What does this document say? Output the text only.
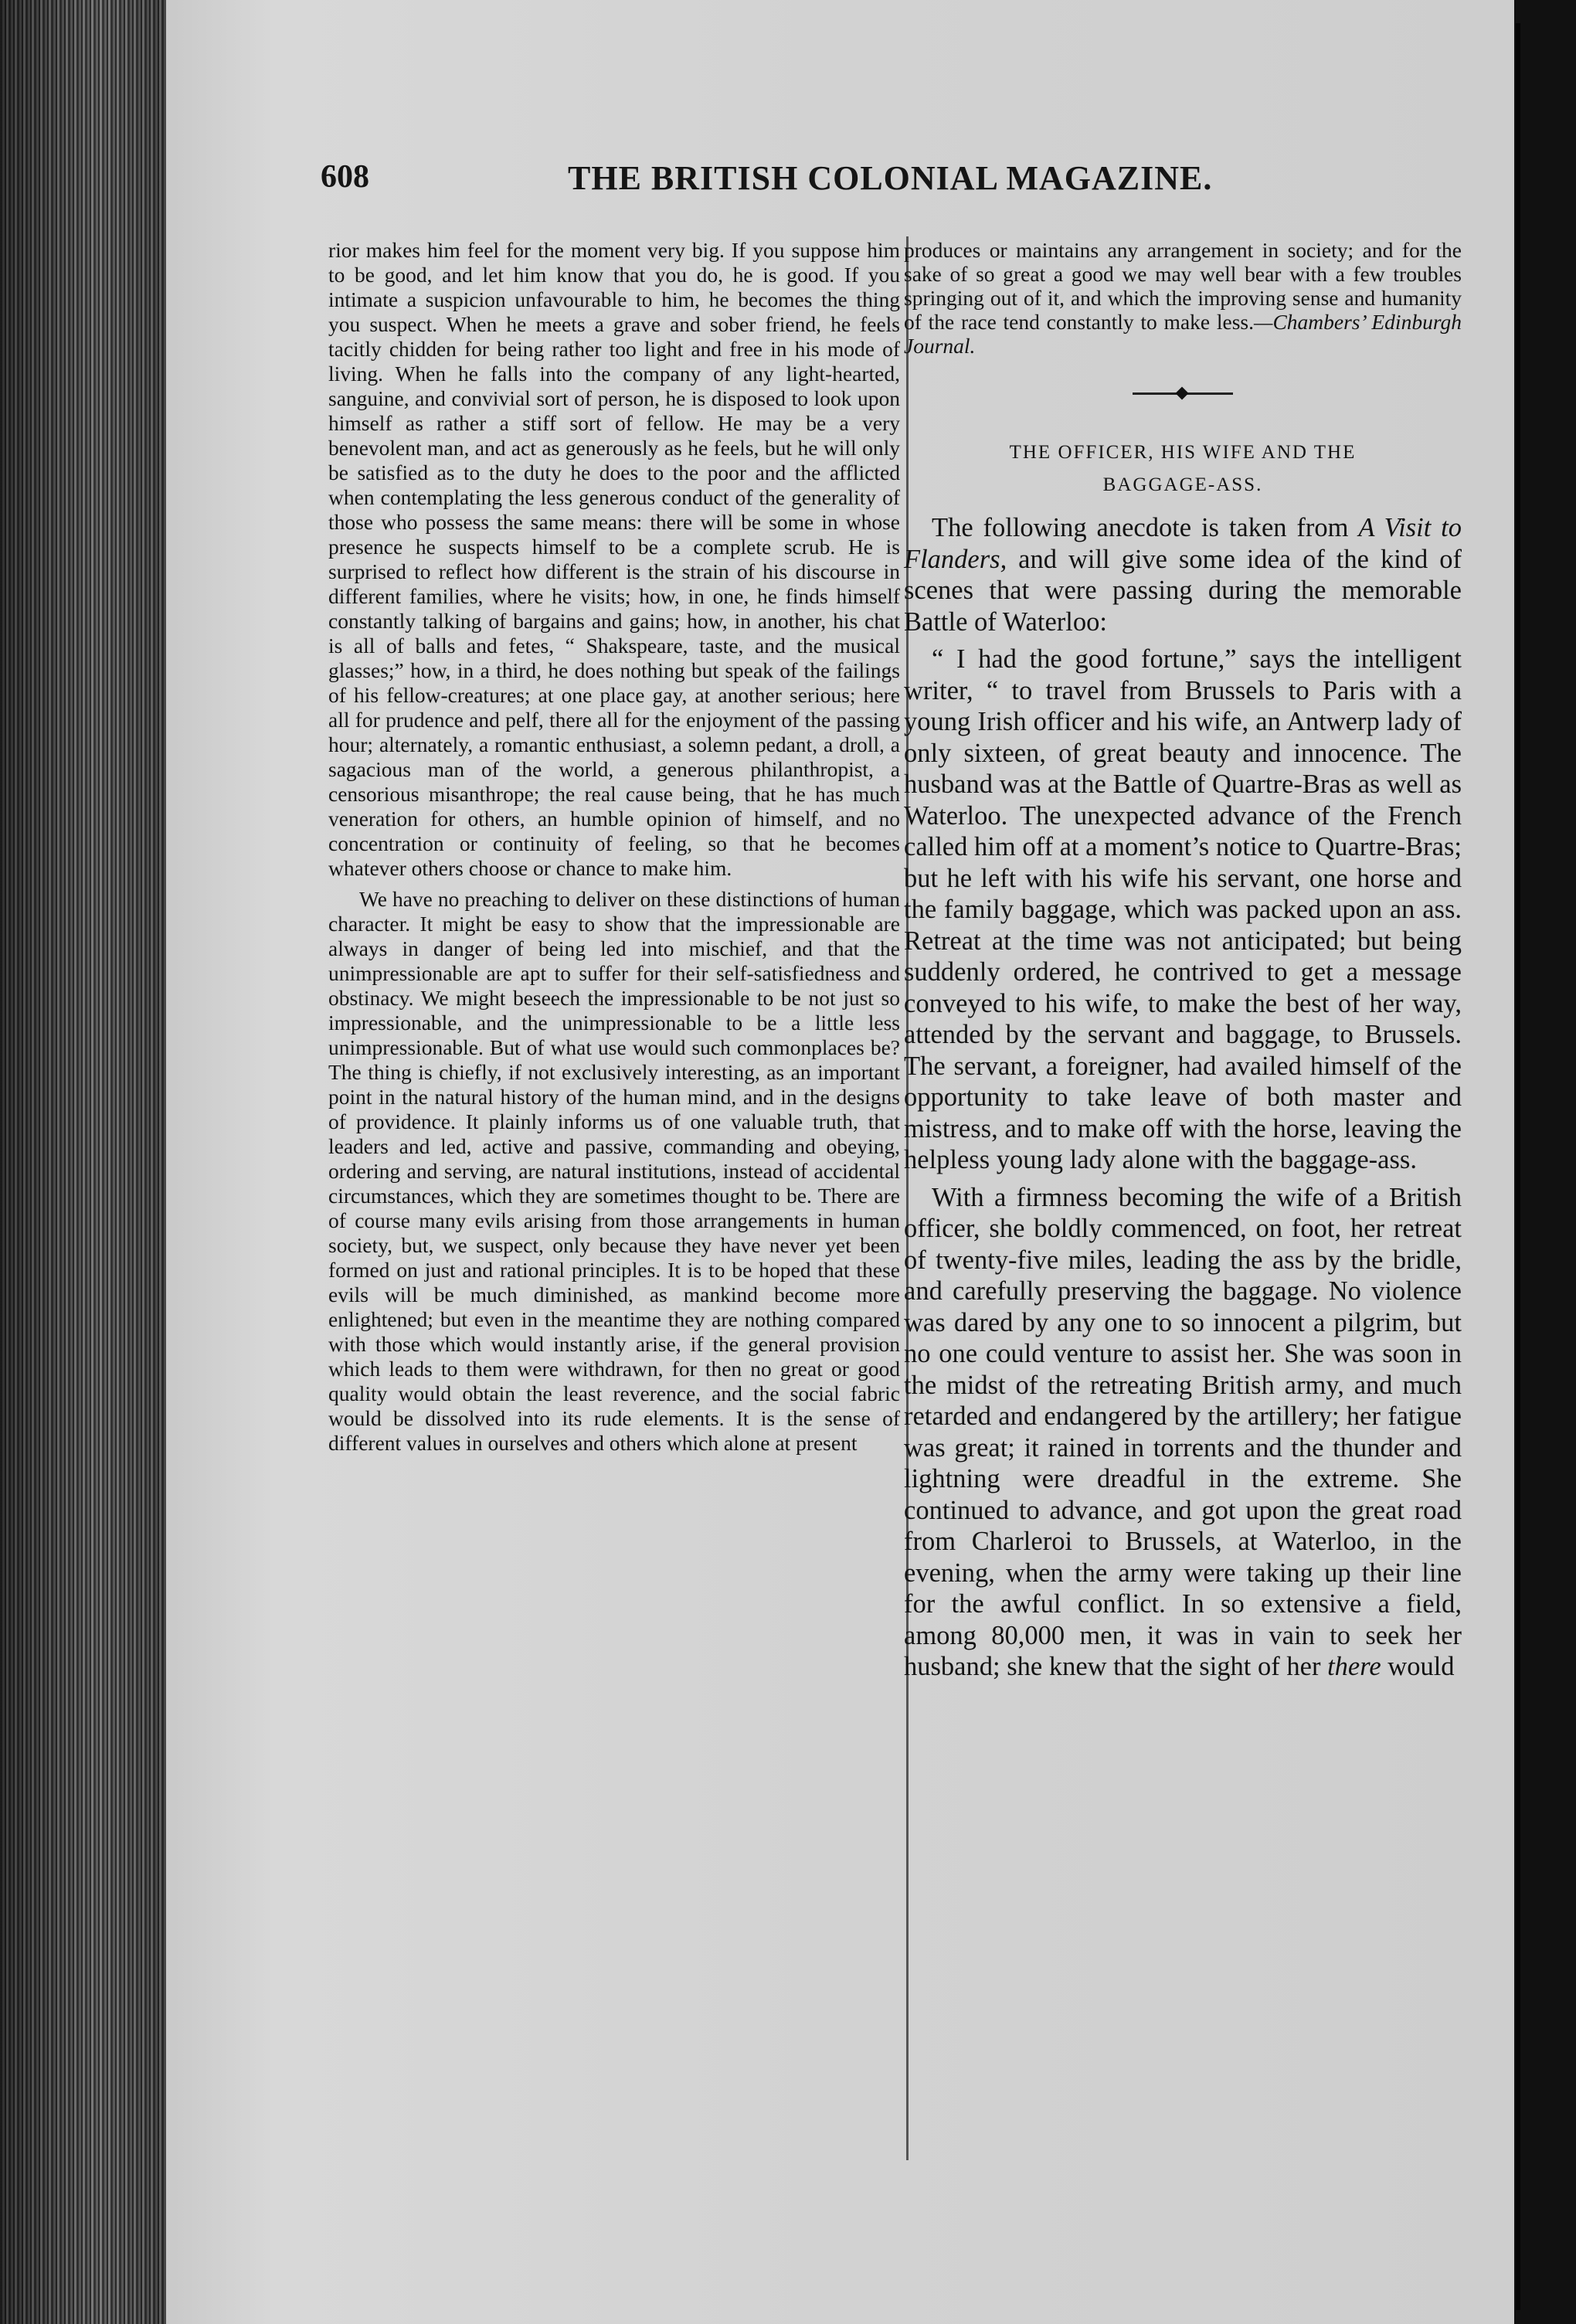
608	THE BRITISH COLONIAL MAGAZINE.

rior makes him feel for the moment very big. If you suppose him to be good, and let him know that you do, he is good. If you intimate a suspicion unfavourable to him, he becomes the thing you suspect. When he meets a grave and sober friend, he feels tacitly chidden for being rather too light and free in his mode of living. When he falls into the company of any light-hearted, sanguine, and convivial sort of person, he is disposed to look upon himself as rather a stiff sort of fellow. He may be a very benevolent man, and act as generously as he feels, but he will only be satisfied as to the duty he does to the poor and the afflicted when contemplating the less generous conduct of the generality of those who possess the same means: there will be some in whose presence he suspects himself to be a complete scrub. He is surprised to reflect how different is the strain of his discourse in different families, where he visits; how, in one, he finds himself constantly talking of bargains and gains; how, in another, his chat is all of balls and fetes, “ Shakspeare, taste, and the musical glasses;” how, in a third, he does nothing but speak of the failings of his fellow-creatures; at one place gay, at another serious; here all for prudence and pelf, there all for the enjoyment of the passing hour; alternately, a romantic enthusiast, a solemn pedant, a droll, a sagacious man of the world, a generous philanthropist, a censorious misanthrope; the real cause being, that he has much veneration for others, an humble opinion of himself, and no concentration or continuity of feeling, so that he becomes whatever others choose or chance to make him.

We have no preaching to deliver on these distinctions of human character. It might be easy to show that the impressionable are always in danger of being led into mischief, and that the unimpressionable are apt to suffer for their self-satisfiedness and obstinacy. We might beseech the impressionable to be not just so impressionable, and the unimpressionable to be a little less unimpressionable. But of what use would such commonplaces be? The thing is chiefly, if not exclusively interesting, as an important point in the natural history of the human mind, and in the designs of providence. It plainly informs us of one valuable truth, that leaders and led, active and passive, commanding and obeying, ordering and serving, are natural institutions, instead of accidental circumstances, which they are sometimes thought to be. There are of course many evils arising from those arrangements in human society, but, we suspect, only because they have never yet been formed on just and rational principles. It is to be hoped that these evils will be much diminished, as mankind become more enlightened; but even in the meantime they are nothing compared with those which would instantly arise, if the general provision which leads to them were withdrawn, for then no great or good quality would obtain the least reverence, and the social fabric would be dissolved into its rude elements. It is the sense of different values in ourselves and others which alone at present

produces or maintains any arrangement in society; and for the sake of so great a good we may well bear with a few troubles springing out of it, and which the improving sense and humanity of the race tend constantly to make less.—Chambers’ Edinburgh Journal.

THE OFFICER, HIS WIFE AND THE
BAGGAGE-ASS.

The following anecdote is taken from A Visit to Flanders, and will give some idea of the kind of scenes that were passing during the memorable Battle of Waterloo:

“ I had the good fortune,” says the intelligent writer, “ to travel from Brussels to Paris with a young Irish officer and his wife, an Antwerp lady of only sixteen, of great beauty and innocence. The husband was at the Battle of Quartre-Bras as well as Waterloo. The unexpected advance of the French called him off at a moment’s notice to Quartre-Bras; but he left with his wife his servant, one horse and the family baggage, which was packed upon an ass. Retreat at the time was not anticipated; but being suddenly ordered, he contrived to get a message conveyed to his wife, to make the best of her way, attended by the servant and baggage, to Brussels. The servant, a foreigner, had availed himself of the opportunity to take leave of both master and mistress, and to make off with the horse, leaving the helpless young lady alone with the baggage-ass.

With a firmness becoming the wife of a British officer, she boldly commenced, on foot, her retreat of twenty-five miles, leading the ass by the bridle, and carefully preserving the baggage. No violence was dared by any one to so innocent a pilgrim, but no one could venture to assist her. She was soon in the midst of the retreating British army, and much retarded and endangered by the artillery; her fatigue was great; it rained in torrents and the thunder and lightning were dreadful in the extreme. She continued to advance, and got upon the great road from Charleroi to Brussels, at Waterloo, in the evening, when the army were taking up their line for the awful conflict. In so extensive a field, among 80,000 men, it was in vain to seek her husband; she knew that the sight of her there would
